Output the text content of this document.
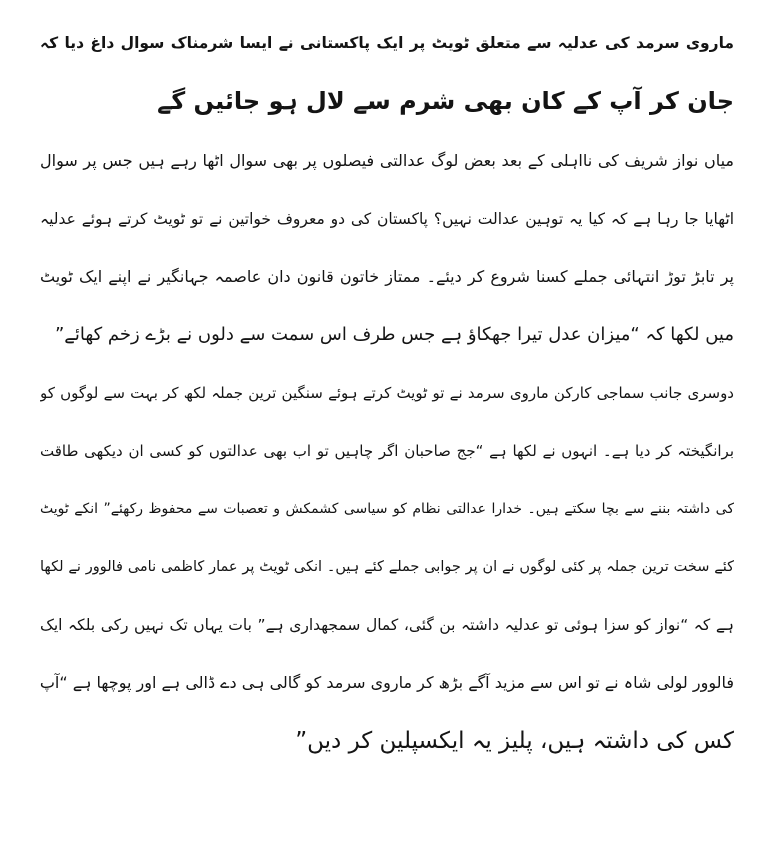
ماروی سرمد کی عدلیہ سے متعلق ٹویٹ پر ایک پاکستانی نے ایسا شرمناک سوال داغ دیا کہ
جان کر آپ کے کان بھی شرم سے لال ہو جائیں گے
میاں نواز شریف کی نااہلی کے بعد بعض لوگ عدالتی فیصلوں پر بھی سوال اٹھا رہے ہیں جس پر سوال
اٹھایا جا رہا ہے کہ کیا یہ توہین عدالت نہیں؟ پاکستان کی دو معروف خواتین نے تو ٹویٹ کرتے ہوئے عدلیہ
پر تابڑ توڑ انتہائی جملے کسنا شروع کر دیئے۔ ممتاز خاتون قانون دان عاصمہ جہانگیر نے اپنے ایک ٹویٹ
میں لکھا کہ “میزان عدل تیرا جھکاؤ ہے جس طرف اس سمت سے دلوں نے بڑے زخم کھائے”
دوسری جانب سماجی کارکن ماروی سرمد نے تو ٹویٹ کرتے ہوئے سنگین ترین جملہ لکھ کر بہت سے لوگوں کو
برانگیختہ کر دیا ہے۔ انہوں نے لکھا ہے “جج صاحبان اگر چاہیں تو اب بھی عدالتوں کو کسی ان دیکھی طاقت
کی داشتہ بننے سے بچا سکتے ہیں۔ خدارا عدالتی نظام کو سیاسی کشمکش و تعصبات سے محفوظ رکھئے” انکے ٹویٹ
کئے سخت ترین جملہ پر کئی لوگوں نے ان پر جوابی جملے کئے ہیں۔ انکی ٹویٹ پر عمار کاظمی نامی فالوور نے لکھا
ہے کہ “نواز کو سزا ہوئی تو عدلیہ داشتہ بن گئی، کمال سمجھداری ہے” بات یہاں تک نہیں رکی بلکہ ایک
فالوور لولی شاہ نے تو اس سے مزید آگے بڑھ کر ماروی سرمد کو گالی ہی دے ڈالی ہے اور پوچھا ہے “آپ
کس کی داشتہ ہیں، پلیز یہ ایکسپلین کر دیں”
